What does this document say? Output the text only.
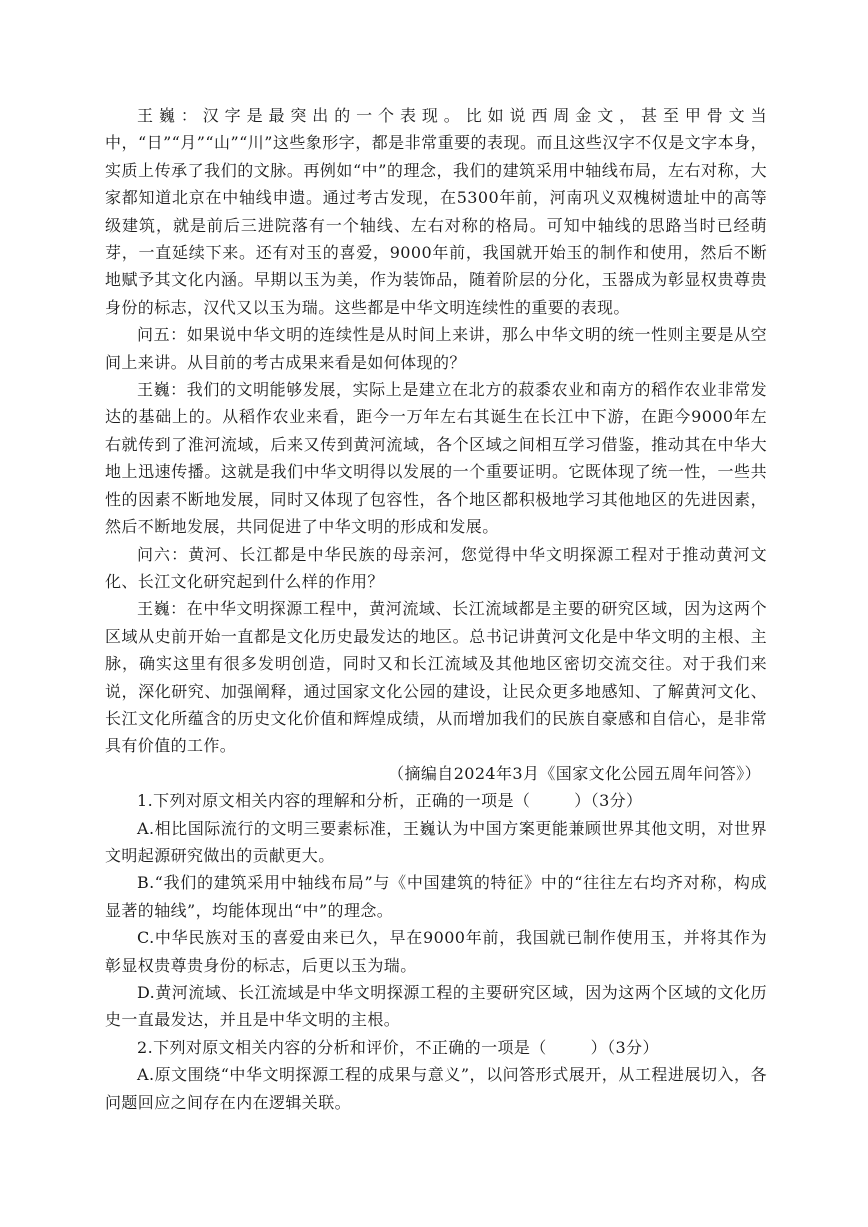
王巍：汉字是最突出的一个表现。比如说西周金文，甚至甲骨文当中，“日”“月”“山”“川”这些象形字，都是非常重要的表现。而且这些汉字不仅是文字本身，实质上传承了我们的文脉。再例如“中”的理念，我们的建筑采用中轴线布局，左右对称，大家都知道北京在中轴线申遗。通过考古发现，在5300年前，河南巩义双槐树遗址中的高等级建筑，就是前后三进院落有一个轴线、左右对称的格局。可知中轴线的思路当时已经萌芽，一直延续下来。还有对玉的喜爱，9000年前，我国就开始玉的制作和使用，然后不断地赋予其文化内涵。早期以玉为美，作为装饰品，随着阶层的分化，玉器成为彰显权贵尊贵身份的标志，汉代又以玉为瑞。这些都是中华文明连续性的重要的表现。

问五：如果说中华文明的连续性是从时间上来讲，那么中华文明的统一性则主要是从空间上来讲。从目前的考古成果来看是如何体现的？

王巍：我们的文明能够发展，实际上是建立在北方的菽黍农业和南方的稻作农业非常发达的基础上的。从稻作农业来看，距今一万年左右其诞生在长江中下游，在距今9000年左右就传到了淮河流域，后来又传到黄河流域，各个区域之间相互学习借鉴，推动其在中华大地上迅速传播。这就是我们中华文明得以发展的一个重要证明。它既体现了统一性，一些共性的因素不断地发展，同时又体现了包容性，各个地区都积极地学习其他地区的先进因素，然后不断地发展，共同促进了中华文明的形成和发展。

问六：黄河、长江都是中华民族的母亲河，您觉得中华文明探源工程对于推动黄河文化、长江文化研究起到什么样的作用？

王巍：在中华文明探源工程中，黄河流域、长江流域都是主要的研究区域，因为这两个区域从史前开始一直都是文化历史最发达的地区。总书记讲黄河文化是中华文明的主根、主脉，确实这里有很多发明创造，同时又和长江流域及其他地区密切交流交往。对于我们来说，深化研究、加强阐释，通过国家文化公园的建设，让民众更多地感知、了解黄河文化、长江文化所蕴含的历史文化价值和辉煌成绩，从而增加我们的民族自豪感和自信心，是非常具有价值的工作。

（摘编自2024年3月《国家文化公园五周年问答》）

1.下列对原文相关内容的理解和分析，正确的一项是（	）（3分）

A.相比国际流行的文明三要素标准，王巍认为中国方案更能兼顾世界其他文明，对世界文明起源研究做出的贡献更大。

B.“我们的建筑采用中轴线布局”与《中国建筑的特征》中的“往往左右均齐对称，构成显著的轴线”，均能体现出“中”的理念。

C.中华民族对玉的喜爱由来已久，早在9000年前，我国就已制作使用玉，并将其作为彰显权贵尊贵身份的标志，后更以玉为瑞。

D.黄河流域、长江流域是中华文明探源工程的主要研究区域，因为这两个区域的文化历史一直最发达，并且是中华文明的主根。

2.下列对原文相关内容的分析和评价，不正确的一项是（	）（3分）

A.原文围绕“中华文明探源工程的成果与意义”，以问答形式展开，从工程进展切入，各问题回应之间存在内在逻辑关联。
